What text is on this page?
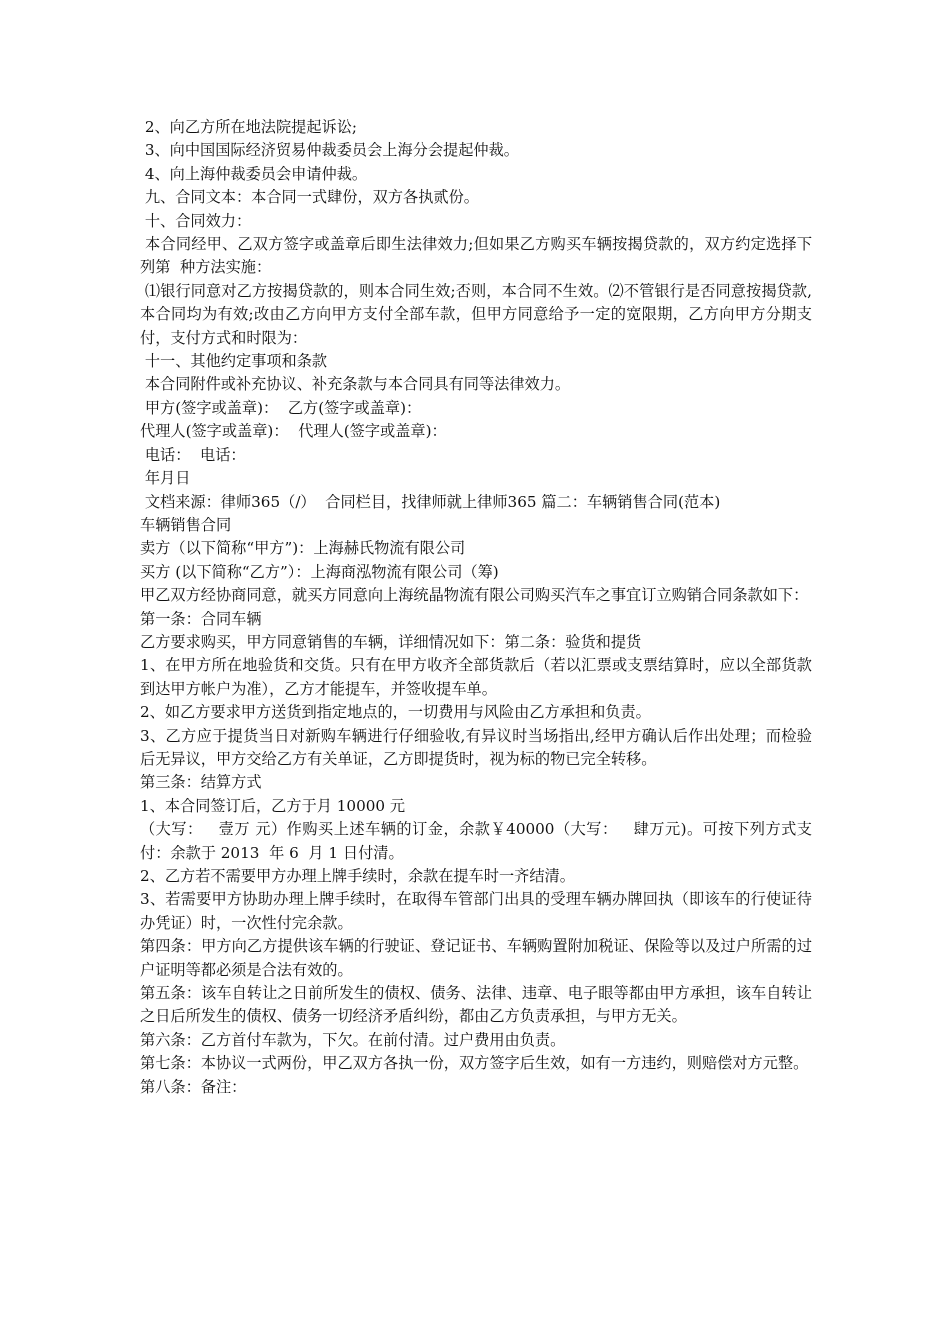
2、向乙方所在地法院提起诉讼;

3、向中国国际经济贸易仲裁委员会上海分会提起仲裁。

4、向上海仲裁委员会申请仲裁。

九、合同文本：本合同一式肆份，双方各执贰份。

十、合同效力：

本合同经甲、乙双方签字或盖章后即生法律效力;但如果乙方购买车辆按揭贷款的，双方约定选择下列第  种方法实施：

⑴银行同意对乙方按揭贷款的，则本合同生效;否则，本合同不生效。⑵不管银行是否同意按揭贷款,本合同均为有效;改由乙方向甲方支付全部车款，但甲方同意给予一定的宽限期，乙方向甲方分期支付，支付方式和时限为：

十一、其他约定事项和条款

本合同附件或补充协议、补充条款与本合同具有同等法律效力。

甲方(签字或盖章)：  乙方(签字或盖章)：

代理人(签字或盖章)：  代理人(签字或盖章)：

电话：  电话：

年月日

文档来源：律师365（/）  合同栏目，找律师就上律师365 篇二：车辆销售合同(范本)

车辆销售合同

卖方（以下简称“甲方”)：上海赫氏物流有限公司

买方 (以下简称“乙方”）：上海商泓物流有限公司（筹)

甲乙双方经协商同意，就买方同意向上海统晶物流有限公司购买汽车之事宜订立购销合同条款如下：

第一条：合同车辆

乙方要求购买，甲方同意销售的车辆，详细情况如下：第二条：验货和提货

1、在甲方所在地验货和交货。只有在甲方收齐全部货款后（若以汇票或支票结算时，应以全部货款到达甲方帐户为准），乙方才能提车，并签收提车单。

2、如乙方要求甲方送货到指定地点的，一切费用与风险由乙方承担和负责。

3、乙方应于提货当日对新购车辆进行仔细验收,有异议时当场指出,经甲方确认后作出处理；而检验后无异议，甲方交给乙方有关单证，乙方即提货时，视为标的物已完全转移。

第三条：结算方式

1、本合同签订后，乙方于月 10000 元

（大写：   壹万 元）作购买上述车辆的订金，余款￥40000（大写：   肆万元)。可按下列方式支付：余款于 2013  年 6  月 1 日付清。

2、乙方若不需要甲方办理上牌手续时，余款在提车时一齐结清。

3、若需要甲方协助办理上牌手续时，在取得车管部门出具的受理车辆办牌回执（即该车的行使证待办凭证）时，一次性付完余款。

第四条：甲方向乙方提供该车辆的行驶证、登记证书、车辆购置附加税证、保险等以及过户所需的过户证明等都必须是合法有效的。

第五条：该车自转让之日前所发生的债权、债务、法律、违章、电子眼等都由甲方承担，该车自转让之日后所发生的债权、债务一切经济矛盾纠纷，都由乙方负责承担，与甲方无关。

第六条：乙方首付车款为，下欠。在前付清。过户费用由负责。

第七条：本协议一式两份，甲乙双方各执一份，双方签字后生效，如有一方违约，则赔偿对方元整。

第八条：备注：
